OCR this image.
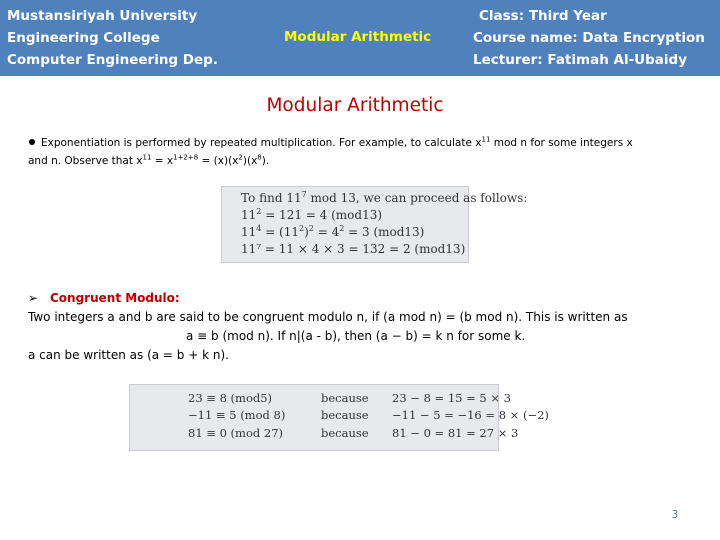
Mustansiriyah University
Engineering College
Computer Engineering Dep.
Modular Arithmetic
Class: Third Year
Course name: Data Encryption
Lecturer: Fatimah Al-Ubaidy
Modular Arithmetic
Exponentiation is performed by repeated multiplication. For example, to calculate $x^{11}$ mod n for some integers x
and n. Observe that $x^{11} = x^{1+2+8} = (x)(x^2)(x^8)$.
To find $11^7$ mod 13, we can proceed as follows:
$11^2 = 121 = 4$ (mod13)
$11^4 = (11^2)^2 = 4^2 = 3$ (mod13)
11⁷ = 11 × 4 × 3 = 132 = 2 (mod13)
➢ Congruent Modulo:
Two integers a and b are said to be congruent modulo n, if (a mod n) = (b mod n). This is written as
a ≡ b (mod n). If n|(a - b), then (a − b) = k n for some k.
a can be written as (a = b + k n).
23 ≡ 8 (mod5)	because 23 − 8 = 15 = 5 × 3
−11 ≡ 5 (mod 8)	because −11 − 5 = −16 = 8 × (−2)
81 ≡ 0 (mod 27)	because 81 − 0 = 81 = 27 × 3
3
